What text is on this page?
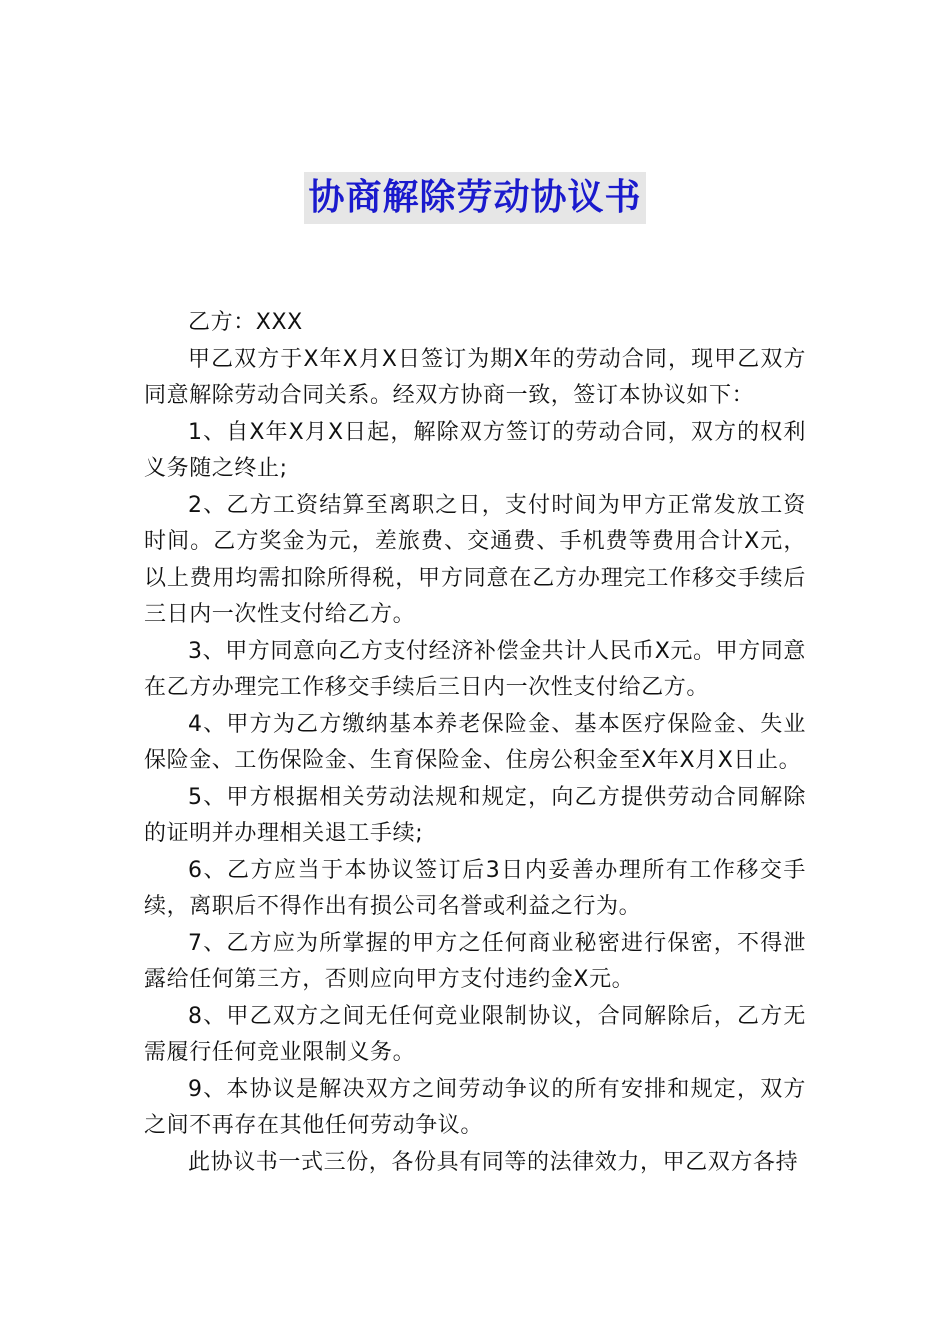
协商解除劳动协议书

乙方：XXX

甲乙双方于X年X月X日签订为期X年的劳动合同，现甲乙双方同意解除劳动合同关系。经双方协商一致，签订本协议如下：

1、自X年X月X日起，解除双方签订的劳动合同，双方的权利义务随之终止;

2、乙方工资结算至离职之日，支付时间为甲方正常发放工资时间。乙方奖金为元，差旅费、交通费、手机费等费用合计X元，以上费用均需扣除所得税，甲方同意在乙方办理完工作移交手续后三日内一次性支付给乙方。

3、甲方同意向乙方支付经济补偿金共计人民币X元。甲方同意在乙方办理完工作移交手续后三日内一次性支付给乙方。

4、甲方为乙方缴纳基本养老保险金、基本医疗保险金、失业保险金、工伤保险金、生育保险金、住房公积金至X年X月X日止。

5、甲方根据相关劳动法规和规定，向乙方提供劳动合同解除的证明并办理相关退工手续;

6、乙方应当于本协议签订后3日内妥善办理所有工作移交手续，离职后不得作出有损公司名誉或利益之行为。

7、乙方应为所掌握的甲方之任何商业秘密进行保密，不得泄露给任何第三方，否则应向甲方支付违约金X元。

8、甲乙双方之间无任何竞业限制协议，合同解除后，乙方无需履行任何竞业限制义务。

9、本协议是解决双方之间劳动争议的所有安排和规定，双方之间不再存在其他任何劳动争议。

此协议书一式三份，各份具有同等的法律效力，甲乙双方各持
